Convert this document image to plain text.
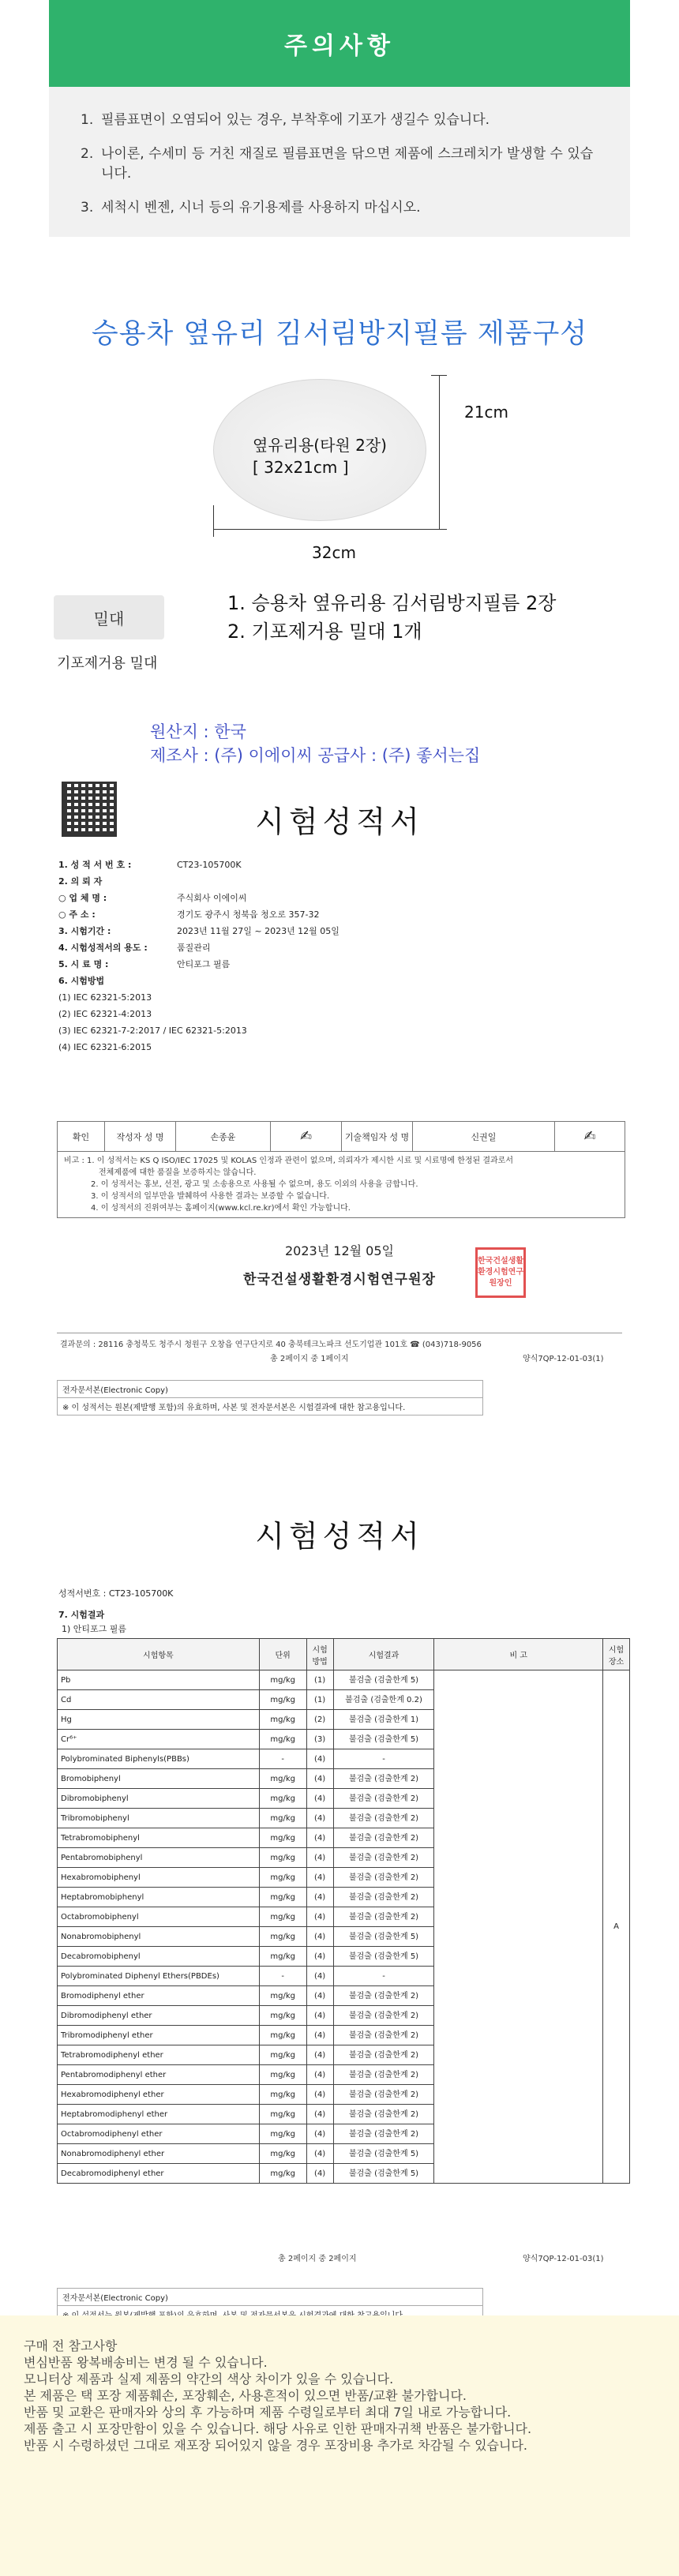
주의사항
1. 필름표면이 오염되어 있는 경우, 부착후에 기포가 생길수 있습니다.
2. 나이론, 수세미 등 거친 재질로 필름표면을 닦으면 제품에 스크레치가 발생할 수 있습니다.
3. 세척시 벤젠, 시너 등의 유기용제를 사용하지 마십시오.
승용차 옆유리 김서림방지필름 제품구성
옆유리용(타원 2장)
[ 32x21cm ]
21cm
32cm
밀대
기포제거용 밀대
1. 승용차 옆유리용 김서림방지필름 2장
2. 기포제거용 밀대 1개
원산지 : 한국
제조사 : (주) 이에이씨 공급사 : (주) 좋서는집
시험성적서
1. 성 적 서 번 호 :	CT23-105700K
2. 의 뢰 자
○ 업 체 명 :	주식회사 이에이씨
○ 주 소 :	경기도 광주시 청북읍 청오로 357-32
3. 시험기간 :	2023년 11월 27일 ~ 2023년 12월 05일
4. 시험성적서의 용도 :	품질관리
5. 시 료 명 :	안티포그 필름
6. 시험방법
(1) IEC 62321-5:2013
(2) IEC 62321-4:2013
(3) IEC 62321-7-2:2017 / IEC 62321-5:2013
(4) IEC 62321-6:2015
확인	작성자 성 명	손종윤	✍	기술책임자 성 명	신권일	✍
비고 : 1. 이 성적서는 KS Q ISO/IEC 17025 및 KOLAS 인정과 관련이 없으며, 의뢰자가 제시한 시료 및 시료명에 한정된 결과로서
전체제품에 대한 품질을 보증하지는 않습니다.
2. 이 성적서는 홍보, 선전, 광고 및 소송용으로 사용될 수 없으며, 용도 이외의 사용을 금합니다.
3. 이 성적서의 일부만을 발췌하여 사용한 결과는 보증할 수 없습니다.
4. 이 성적서의 진위여부는 홈페이지(www.kcl.re.kr)에서 확인 가능합니다.
2023년 12월 05일
한국건설생활환경시험연구원장
한국건설생활환경시험연구원장인
결과문의 : 28116 충청북도 청주시 청원구 오창읍 연구단지로 40 충북테크노파크 선도기업관 101호 ☎ (043)718-9056
총 2페이지 중 1페이지	양식7QP-12-01-03(1)
전자문서본(Electronic Copy)
※ 이 성적서는 원본(제발행 포함)의 유효하며, 사본 및 전자문서본은 시험결과에 대한 참고용입니다.
시험성적서
성적서번호 : CT23-105700K
7. 시험결과
1) 안티포그 필름
시험항목	단위	시험방법	시험결과	비 고	시험장소
Pb	mg/kg	(1)	불검출 (검출한계 5)		A
Cd	mg/kg	(1)	불검출 (검출한계 0.2)		
Hg	mg/kg	(2)	불검출 (검출한계 1)		
Cr⁶⁺	mg/kg	(3)	불검출 (검출한계 5)		
Polybrominated Biphenyls(PBBs)	-	(4)	-		
Bromobiphenyl	mg/kg	(4)	불검출 (검출한계 2)		
Dibromobiphenyl	mg/kg	(4)	불검출 (검출한계 2)		
Tribromobiphenyl	mg/kg	(4)	불검출 (검출한계 2)		
Tetrabromobiphenyl	mg/kg	(4)	불검출 (검출한계 2)		
Pentabromobiphenyl	mg/kg	(4)	불검출 (검출한계 2)		
Hexabromobiphenyl	mg/kg	(4)	불검출 (검출한계 2)		
Heptabromobiphenyl	mg/kg	(4)	불검출 (검출한계 2)		
Octabromobiphenyl	mg/kg	(4)	불검출 (검출한계 2)		
Nonabromobiphenyl	mg/kg	(4)	불검출 (검출한계 5)		
Decabromobiphenyl	mg/kg	(4)	불검출 (검출한계 5)		
Polybrominated Diphenyl Ethers(PBDEs)	-	(4)	-		
Bromodiphenyl ether	mg/kg	(4)	불검출 (검출한계 2)		
Dibromodiphenyl ether	mg/kg	(4)	불검출 (검출한계 2)		
Tribromodiphenyl ether	mg/kg	(4)	불검출 (검출한계 2)		
Tetrabromodiphenyl ether	mg/kg	(4)	불검출 (검출한계 2)		
Pentabromodiphenyl ether	mg/kg	(4)	불검출 (검출한계 2)		
Hexabromodiphenyl ether	mg/kg	(4)	불검출 (검출한계 2)		
Heptabromodiphenyl ether	mg/kg	(4)	불검출 (검출한계 2)		
Octabromodiphenyl ether	mg/kg	(4)	불검출 (검출한계 2)		
Nonabromodiphenyl ether	mg/kg	(4)	불검출 (검출한계 5)		
Decabromodiphenyl ether	mg/kg	(4)	불검출 (검출한계 5)		
총 2페이지 중 2페이지	양식7QP-12-01-03(1)
전자문서본(Electronic Copy)
구매 전 참고사항
변심반품 왕복배송비는 변경 될 수 있습니다.
모니터상 제품과 실제 제품의 약간의 색상 차이가 있을 수 있습니다.
본 제품은 택 포장 제품훼손, 포장훼손, 사용흔적이 있으면 반품/교환 불가합니다.
반품 및 교환은 판매자와 상의 후 가능하며 제품 수령일로부터 최대 7일 내로 가능합니다.
제품 출고 시 포장만함이 있을 수 있습니다. 해당 사유로 인한 판매자귀책 반품은 불가합니다.
반품 시 수령하셨던 그대로 재포장 되어있지 않을 경우 포장비용 추가로 차감될 수 있습니다.
